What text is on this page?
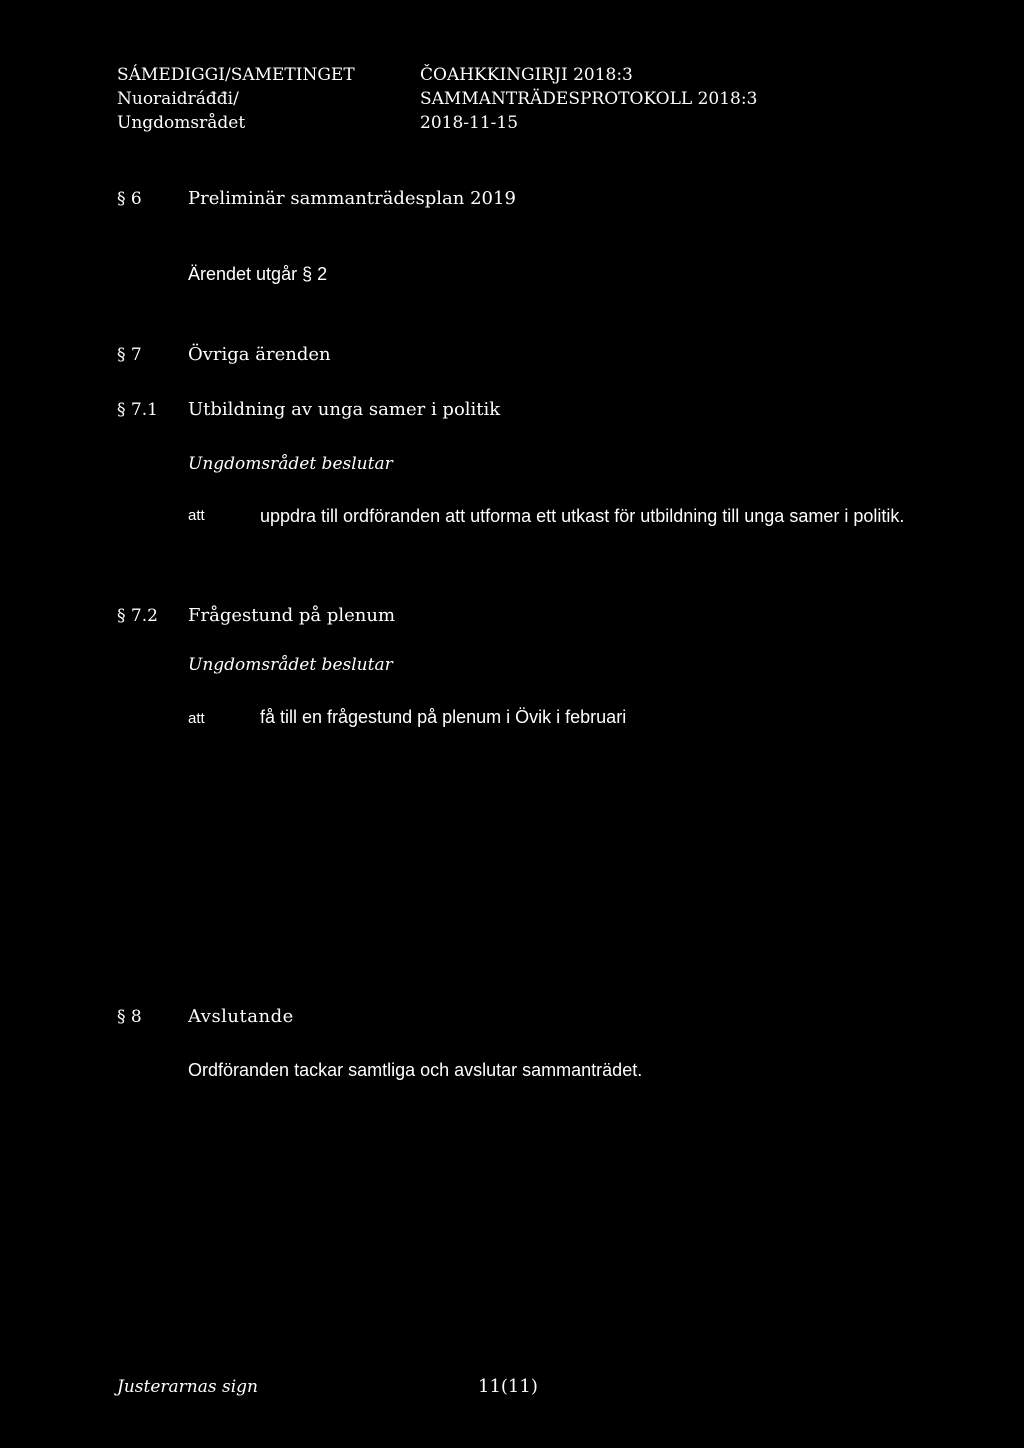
SÁMEDIGGI/SAMETINGET
Nuoraidráđđi/
Ungdomsrådet
ČOAHKKINGIRJI 2018:3
SAMMANTRÄDESPROTOKOLL 2018:3
2018-11-15
§ 6	Preliminär sammanträdesplan 2019
Ärendet utgår § 2
§ 7	Övriga ärenden
§ 7.1 Utbildning av unga samer i politik
Ungdomsrådet beslutar
att	uppdra till ordföranden att utforma ett utkast för utbildning till unga samer i politik.
§ 7.2 Frågestund på plenum
Ungdomsrådet beslutar
att	få till en frågestund på plenum i Övik i februari
§ 8	Avslutande
Ordföranden tackar samtliga och avslutar sammanträdet.
Justerarnas sign	11(11)
